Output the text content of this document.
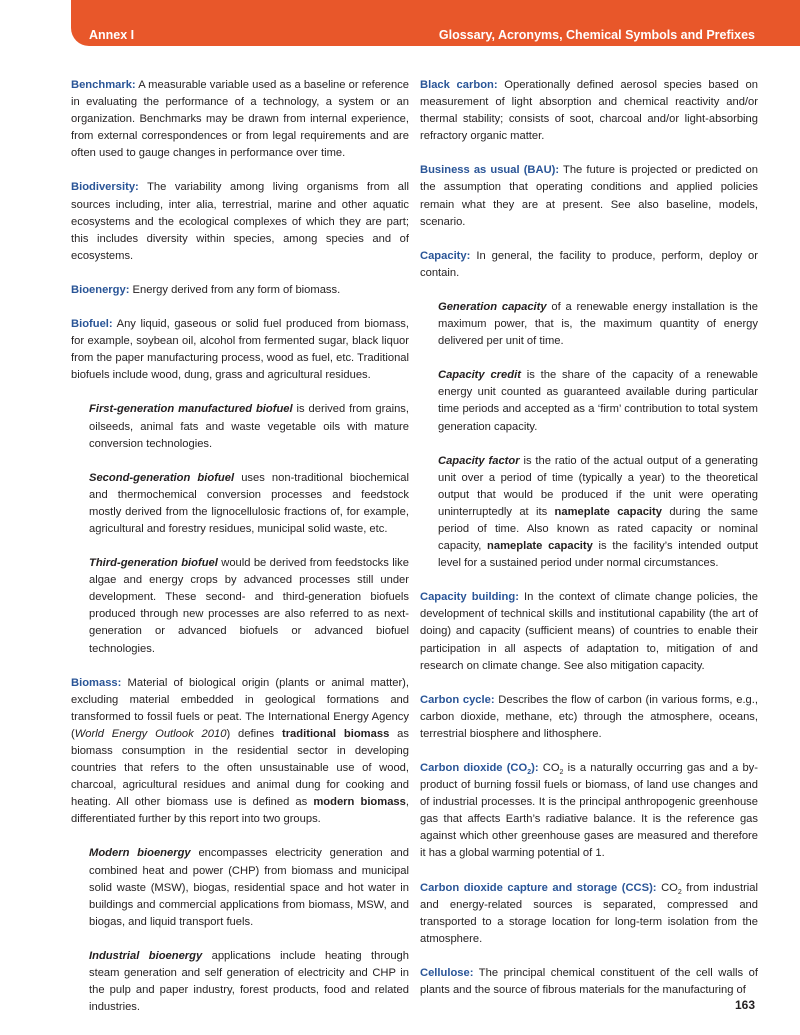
Annex I	Glossary, Acronyms, Chemical Symbols and Prefixes

Benchmark: A measurable variable used as a baseline or reference in evaluating the performance of a technology, a system or an organization. Benchmarks may be drawn from internal experience, from external correspondences or from legal requirements and are often used to gauge changes in performance over time.

Biodiversity: The variability among living organisms from all sources including, inter alia, terrestrial, marine and other aquatic ecosystems and the ecological complexes of which they are part; this includes diversity within species, among species and of ecosystems.

Bioenergy: Energy derived from any form of biomass.

Biofuel: Any liquid, gaseous or solid fuel produced from biomass, for example, soybean oil, alcohol from fermented sugar, black liquor from the paper manufacturing process, wood as fuel, etc. Traditional biofuels include wood, dung, grass and agricultural residues.

First-generation manufactured biofuel is derived from grains, oilseeds, animal fats and waste vegetable oils with mature conversion technologies.

Second-generation biofuel uses non-traditional biochemical and thermochemical conversion processes and feedstock mostly derived from the lignocellulosic fractions of, for example, agricultural and forestry residues, municipal solid waste, etc.

Third-generation biofuel would be derived from feedstocks like algae and energy crops by advanced processes still under development. These second- and third-generation biofuels produced through new processes are also referred to as next-generation or advanced biofuels or advanced biofuel technologies.

Biomass: Material of biological origin (plants or animal matter), excluding material embedded in geological formations and transformed to fossil fuels or peat. The International Energy Agency (World Energy Outlook 2010) defines traditional biomass as biomass consumption in the residential sector in developing countries that refers to the often unsustainable use of wood, charcoal, agricultural residues and animal dung for cooking and heating. All other biomass use is defined as modern biomass, differentiated further by this report into two groups.

Modern bioenergy encompasses electricity generation and combined heat and power (CHP) from biomass and municipal solid waste (MSW), biogas, residential space and hot water in buildings and commercial applications from biomass, MSW, and biogas, and liquid transport fuels.

Industrial bioenergy applications include heating through steam generation and self generation of electricity and CHP in the pulp and paper industry, forest products, food and related industries.

Black carbon: Operationally defined aerosol species based on measurement of light absorption and chemical reactivity and/or thermal stability; consists of soot, charcoal and/or light-absorbing refractory organic matter.

Business as usual (BAU): The future is projected or predicted on the assumption that operating conditions and applied policies remain what they are at present. See also baseline, models, scenario.

Capacity: In general, the facility to produce, perform, deploy or contain.

Generation capacity of a renewable energy installation is the maximum power, that is, the maximum quantity of energy delivered per unit of time.

Capacity credit is the share of the capacity of a renewable energy unit counted as guaranteed available during particular time periods and accepted as a ‘firm’ contribution to total system generation capacity.

Capacity factor is the ratio of the actual output of a generating unit over a period of time (typically a year) to the theoretical output that would be produced if the unit were operating uninterruptedly at its nameplate capacity during the same period of time. Also known as rated capacity or nominal capacity, nameplate capacity is the facility’s intended output level for a sustained period under normal circumstances.

Capacity building: In the context of climate change policies, the development of technical skills and institutional capability (the art of doing) and capacity (sufficient means) of countries to enable their participation in all aspects of adaptation to, mitigation of and research on climate change. See also mitigation capacity.

Carbon cycle: Describes the flow of carbon (in various forms, e.g., carbon dioxide, methane, etc) through the atmosphere, oceans, terrestrial biosphere and lithosphere.

Carbon dioxide $(CO_2)$: $CO_2$ is a naturally occurring gas and a by-product of burning fossil fuels or biomass, of land use changes and of industrial processes. It is the principal anthropogenic greenhouse gas that affects Earth’s radiative balance. It is the reference gas against which other greenhouse gases are measured and therefore it has a global warming potential of 1.

Carbon dioxide capture and storage (CCS): $CO_2$ from industrial and energy-related sources is separated, compressed and transported to a storage location for long-term isolation from the atmosphere.

Cellulose: The principal chemical constituent of the cell walls of plants and the source of fibrous materials for the manufacturing of

163
